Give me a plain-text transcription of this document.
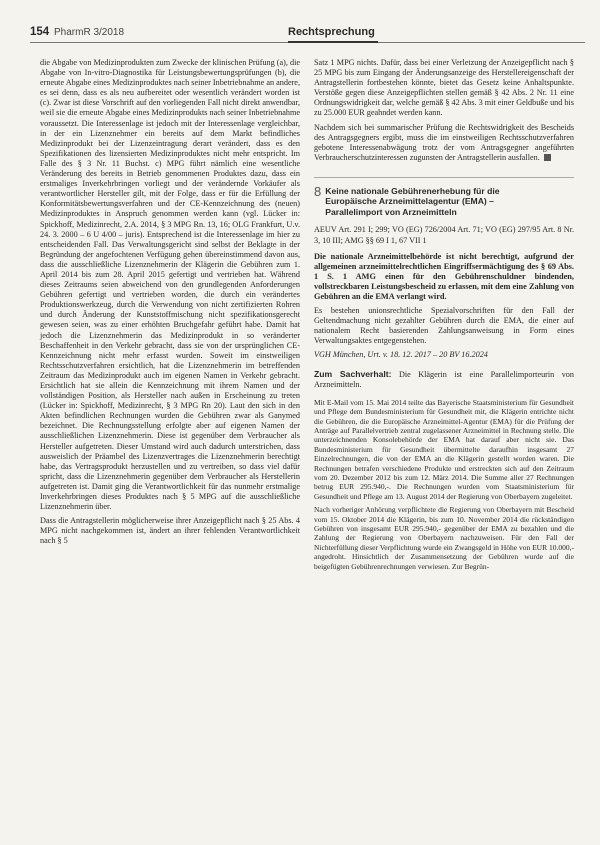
154 PharmR 3/2018	Rechtsprechung

die Abgabe von Medizinprodukten zum Zwecke der klinischen Prüfung (a), die Abgabe von In-vitro-Diagnostika für Leistungsbewertungsprüfungen (b), die erneute Abgabe eines Medizinproduktes nach seiner Inbetriebnahme an andere, es sei denn, dass es als neu aufbereitet oder wesentlich verändert worden ist (c). Zwar ist diese Vorschrift auf den vorliegenden Fall nicht direkt anwendbar, weil sie die erneute Abgabe eines Medizinprodukts nach seiner Inbetriebnahme voraussetzt. Die Interessenlage ist jedoch mit der Interessenlage vergleichbar, in der ein Lizenznehmer ein bereits auf dem Markt befindliches Medizinprodukt bei der Lizenzeintragung derart verändert, dass es den Spezifikationen des lizensierten Medizinproduktes nicht mehr entspricht. Im Falle des § 3 Nr. 11 Buchst. c) MPG führt nämlich eine wesentliche Veränderung des bereits in Betrieb genommenen Produktes dazu, dass ein erstmaliges Inverkehrbringen vorliegt und der verändernde Vorkäufer als verantwortlicher Hersteller gilt, mit der Folge, dass er für die Erfüllung der Konformitätsbewertungsverfahren und der CE-Kennzeichnung des (neuen) Medizinproduktes in Anspruch genommen werden kann (vgl. Lücker in: Spickhoff, Medizinrecht, 2.A. 2014, § 3 MPG Rn. 13, 16; OLG Frankfurt, U.v. 24. 3. 2000 – 6 U 4/00 – juris). Entsprechend ist die Interessenlage im hier zu entscheidenden Fall. Das Verwaltungsgericht sind selbst der Beklagte in der Begründung der angefochtenen Verfügung gehen übereinstimmend davon aus, dass die ausschließliche Lizenznehmerin der Klägerin die Gebühren zum 1. April 2014 bis zum 28. April 2015 gefertigt und vertrieben hat. Während dieses Zeitraums seien abweichend von den grundlegenden Anforderungen Gebühren gefertigt und vertrieben worden, die durch ein verändertes Produktionswerkzeug, durch die Verwendung von nicht zertifizierten Rohren und durch Änderung der Kunststoffmischung nicht spezifikationsgerecht gewesen seien, was zu einer erhöhten Bruchgefahr geführt habe. Damit hat jedoch die Lizenznehmerin das Medizinprodukt in so veränderter Beschaffenheit in den Verkehr gebracht, dass sie von der ursprünglichen CE-Kennzeichnung nicht mehr erfasst wurden. Soweit im einstweiligen Rechtsschutzverfahren ersichtlich, hat die Lizenznehmerin im betreffenden Zeitraum das Medizinprodukt auch im eigenen Namen in Verkehr gebracht. Ersichtlich hat sie allein die Kennzeichnung mit ihrem Namen und der vollständigen Position, als Hersteller nach außen in Erscheinung zu treten (Lücker in: Spickhoff, Medizinrecht, § 3 MPG Rn 20). Laut den sich in den Akten befindlichen Rechnungen wurden die Gebühren zwar als Ganymed bezeichnet. Die Rechnungsstellung erfolgte aber auf eigenen Namen der ausschließlichen Lizenznehmerin. Diese ist gegenüber dem Verbraucher als Hersteller aufgetreten. Dieser Umstand wird auch dadurch unterstrichen, dass ausweislich der Präambel des Lizenzvertrages die Lizenznehmerin berechtigt habe, das Vertragsprodukt herzustellen und zu vertreiben, so dass viel dafür spricht, dass die Lizenznehmerin gegenüber dem Verbraucher als Herstellerin aufgetreten ist. Damit ging die Verantwortlichkeit für das nunmehr erstmalige Inverkehrbringen dieses Produktes nach § 5 MPG auf die ausschließliche Lizenznehmerin über.

Dass die Antragstellerin möglicherweise ihrer Anzeigepflicht nach § 25 Abs. 4 MPG nicht nachgekommen ist, ändert an ihrer fehlenden Verantwortlichkeit nach § 5

Satz 1 MPG nichts. Dafür, dass bei einer Verletzung der Anzeigepflicht nach § 25 MPG bis zum Eingang der Änderungsanzeige des Herstellereigenschaft der Antragstellerin fortbestehen könnte, bietet das Gesetz keine Anhaltspunkte. Verstöße gegen diese Anzeigepflichten stellen gemäß § 42 Abs. 2 Nr. 11 eine Ordnungswidrigkeit dar, welche gemäß § 42 Abs. 3 mit einer Geldbuße und bis zu 25.000 EUR geahndet werden kann.

Nachdem sich bei summarischer Prüfung die Rechtswidrigkeit des Bescheids des Antragsgegners ergibt, muss die im einstweiligen Rechtsschutzverfahren gebotene Interessenabwägung trotz der vom Antragsgegner angeführten Verbraucherschutzinteressen zugunsten der Antragstellerin ausfallen.

8 Keine nationale Gebührenerhebung für die
Europäische Arzneimittelagentur (EMA) –
Parallelimport von Arzneimitteln

AEUV Art. 291 I; 299; VO (EG) 726/2004 Art. 71; VO (EG) 297/95 Art. 8 Nr. 3, 10 III; AMG §§ 69 I 1, 67 VII 1

Die nationale Arzneimittelbehörde ist nicht berechtigt, aufgrund der allgemeinen arzneimittelrechtlichen Eingriffsermächtigung des § 69 Abs. 1 S. 1 AMG einen für den Gebührenschuldner bindenden, vollstreckbaren Leistungsbescheid zu erlassen, mit dem eine Zahlung von Gebühren an die EMA verlangt wird.

Es bestehen unionsrechtliche Spezialvorschriften für den Fall der Geltendmachung nicht gezahlter Gebühren durch die EMA, die einer auf nationalem Recht basierenden Zahlungsanweisung in Form eines Verwaltungsaktes entgegenstehen.

VGH München, Urt. v. 18. 12. 2017 – 20 BV 16.2024

Zum Sachverhalt: Die Klägerin ist eine Parallelimporteurin von Arzneimitteln.

Mit E-Mail vom 15. Mai 2014 teilte das Bayerische Staatsministerium für Gesundheit und Pflege dem Bundesministerium für Gesundheit mit, die Klägerin entrichte nicht die Gebühren, die die Europäische Arzneimittel-Agentur (EMA) für die Prüfung der Anträge auf Parallelvertrieb zentral zugelassener Arzneimittel in Rechnung stelle. Die unterzeichnenden Konsolebehörde der EMA hat darauf aber nicht sie. Das Bundesministerium für Gesundheit übermittelte daraufhin insgesamt 27 Einzelrechnungen, die von der EMA an die Klägerin gestellt worden waren. Die Rechnungen betrafen verschiedene Produkte und erstreckten sich auf den Zeitraum vom 20. Dezember 2012 bis zum 12. März 2014. Die Summe aller 27 Rechnungen betrug EUR 295.940,-. Die Rechnungen wurden vom Staatsministerium für Gesundheit und Pflege am 13. August 2014 der Regierung von Oberbayern zugeleitet.

Nach vorheriger Anhörung verpflichtete die Regierung von Oberbayern mit Bescheid vom 15. Oktober 2014 die Klägerin, bis zum 10. November 2014 die rückständigen Gebühren von insgesamt EUR 295.940,- gegenüber der EMA zu bezahlen und die Zahlung der Regierung von Oberbayern nachzuweisen. Für den Fall der Nichterfüllung dieser Verpflichtung wurde ein Zwangsgeld in Höhe von EUR 10.000,- angedroht. Hinsichtlich der Zusammensetzung der Gebühren wurde auf die beigefügten Gebührenrechnungen verwiesen. Zur Begrün-
